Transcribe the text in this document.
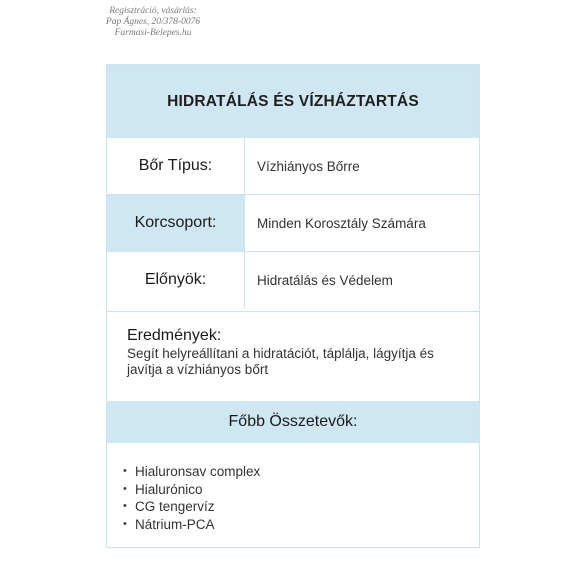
Regisztráció, vásárlás:
Pap Ágnes, 20/378-0076
Farmasi-Belepes.hu
HIDRATÁLÁS ÉS VÍZHÁZTARTÁS
Bőr Típus:	Vízhiányos Bőrre
Korcsoport:	Minden Korosztály Számára
Előnyök:	Hidratálás és Védelem
Eredmények:
Segít helyreállítani a hidratációt, táplálja, lágyítja és javítja a vízhiányos bőrt
Főbb Összetevők:
• Hialuronsav complex
• Hialurónico
• CG tengervíz
• Nátrium-PCA
